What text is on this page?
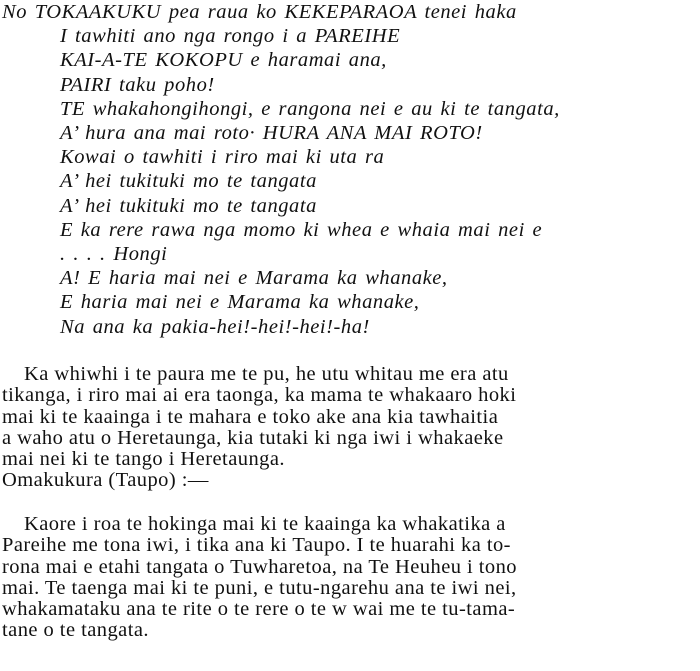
No TOKAAKUKU pea raua ko KEKEPARAOA tenei haka
I tawhiti ano nga rongo i a PAREIHE
KAI-A-TE KOKOPU e haramai ana,
PAIRI taku poho!
TE whakahongihongi, e rangona nei e au ki te tangata,
A’ hura ana mai roto· HURA ANA MAI ROTO!
Kowai o tawhiti i riro mai ki uta ra
A’ hei tukituki mo te tangata
A’ hei tukituki mo te tangata
E ka rere rawa nga momo ki whea e whaia mai nei e
. . . . Hongi
A! E haria mai nei e Marama ka whanake,
E haria mai nei e Marama ka whanake,
Na ana ka pakia-hei!-hei!-hei!-ha!
Ka whiwhi i te paura me te pu, he utu whitau me era atu
tikanga, i riro mai ai era taonga, ka mama te whakaaro hoki
mai ki te kaainga i te mahara e toko ake ana kia tawhaitia
a waho atu o Heretaunga, kia tutaki ki nga iwi i whakaeke
mai nei ki te tango i Heretaunga.
Omakukura (Taupo) :—
Kaore i roa te hokinga mai ki te kaainga ka whakatika a
Pareihe me tona iwi, i tika ana ki Taupo. I te huarahi ka to-
rona mai e etahi tangata o Tuwharetoa, na Te Heuheu i tono
mai. Te taenga mai ki te puni, e tutu-ngarehu ana te iwi nei,
whakamataku ana te rite o te rere o te w wai me te tu-tama-
tane o te tangata.
